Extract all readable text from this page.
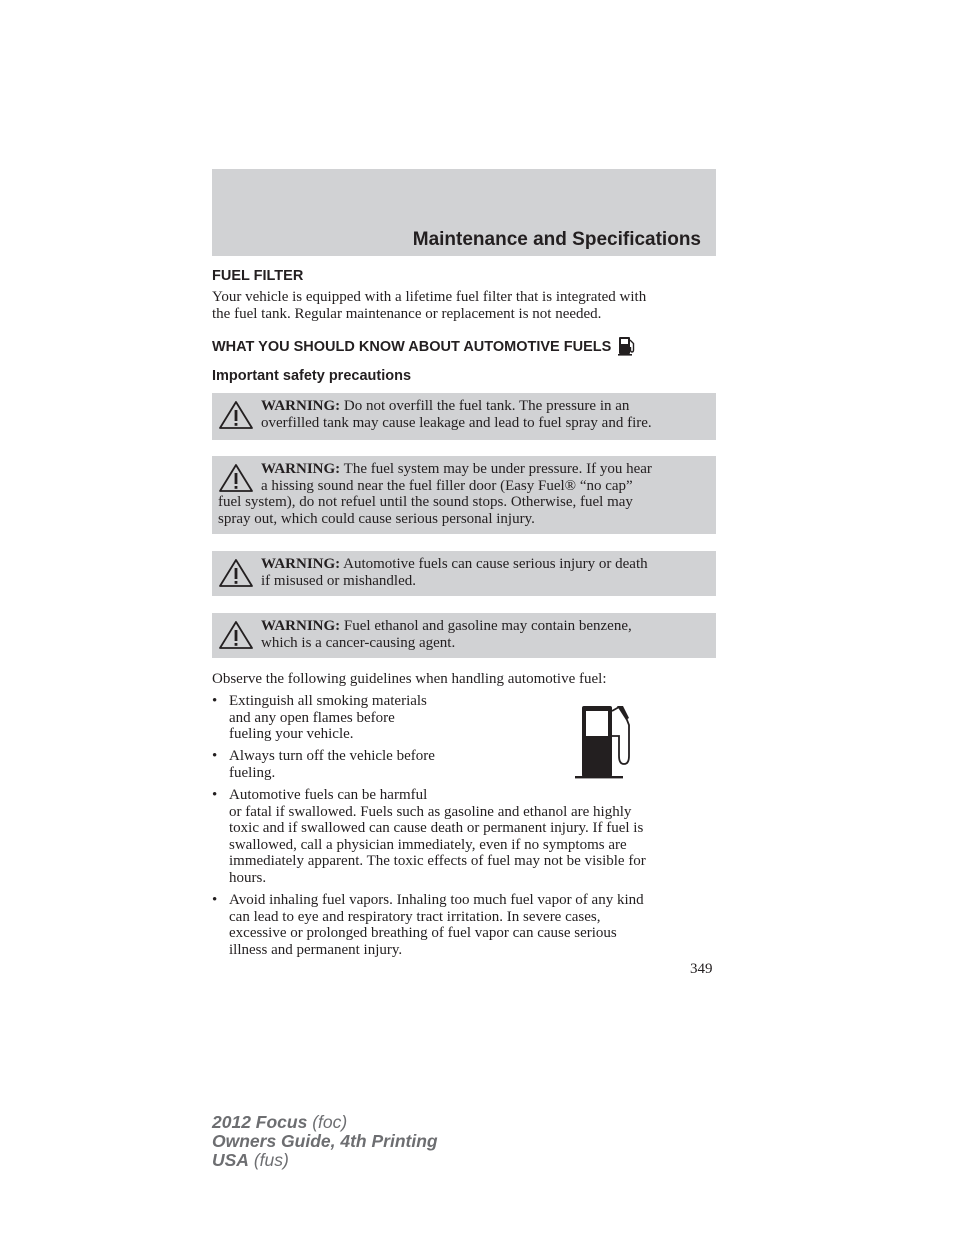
Maintenance and Specifications
FUEL FILTER
Your vehicle is equipped with a lifetime fuel filter that is integrated with
the fuel tank. Regular maintenance or replacement is not needed.
WHAT YOU SHOULD KNOW ABOUT AUTOMOTIVE FUELS
Important safety precautions
WARNING: Do not overfill the fuel tank. The pressure in an
overfilled tank may cause leakage and lead to fuel spray and fire.
WARNING: The fuel system may be under pressure. If you hear
a hissing sound near the fuel filler door (Easy Fuel® “no cap”
fuel system), do not refuel until the sound stops. Otherwise, fuel may
spray out, which could cause serious personal injury.
WARNING: Automotive fuels can cause serious injury or death
if misused or mishandled.
WARNING: Fuel ethanol and gasoline may contain benzene,
which is a cancer-causing agent.
Observe the following guidelines when handling automotive fuel:
• Extinguish all smoking materials
and any open flames before
fueling your vehicle.
• Always turn off the vehicle before
fueling.
• Automotive fuels can be harmful
or fatal if swallowed. Fuels such as gasoline and ethanol are highly
toxic and if swallowed can cause death or permanent injury. If fuel is
swallowed, call a physician immediately, even if no symptoms are
immediately apparent. The toxic effects of fuel may not be visible for
hours.
• Avoid inhaling fuel vapors. Inhaling too much fuel vapor of any kind
can lead to eye and respiratory tract irritation. In severe cases,
excessive or prolonged breathing of fuel vapor can cause serious
illness and permanent injury.
349
2012 Focus (foc)
Owners Guide, 4th Printing
USA (fus)
